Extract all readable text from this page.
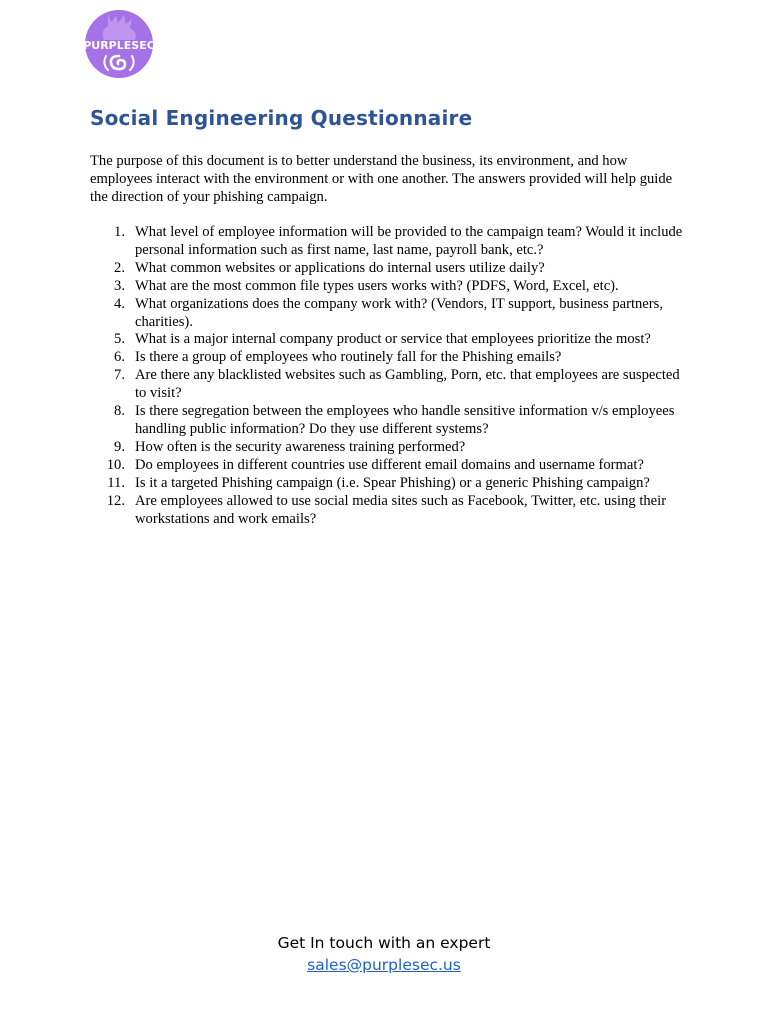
PURPLESEC
Social Engineering Questionnaire

The purpose of this document is to better understand the business, its environment, and how employees interact with the environment or with one another. The answers provided will help guide the direction of your phishing campaign.

1. What level of employee information will be provided to the campaign team? Would it include personal information such as first name, last name, payroll bank, etc.?
2. What common websites or applications do internal users utilize daily?
3. What are the most common file types users works with? (PDFS, Word, Excel, etc).
4. What organizations does the company work with? (Vendors, IT support, business partners, charities).
5. What is a major internal company product or service that employees prioritize the most?
6. Is there a group of employees who routinely fall for the Phishing emails?
7. Are there any blacklisted websites such as Gambling, Porn, etc. that employees are suspected to visit?
8. Is there segregation between the employees who handle sensitive information v/s employees handling public information? Do they use different systems?
9. How often is the security awareness training performed?
10. Do employees in different countries use different email domains and username format?
11. Is it a targeted Phishing campaign (i.e. Spear Phishing) or a generic Phishing campaign?
12. Are employees allowed to use social media sites such as Facebook, Twitter, etc. using their workstations and work emails?
Get In touch with an expert
sales@purplesec.us
